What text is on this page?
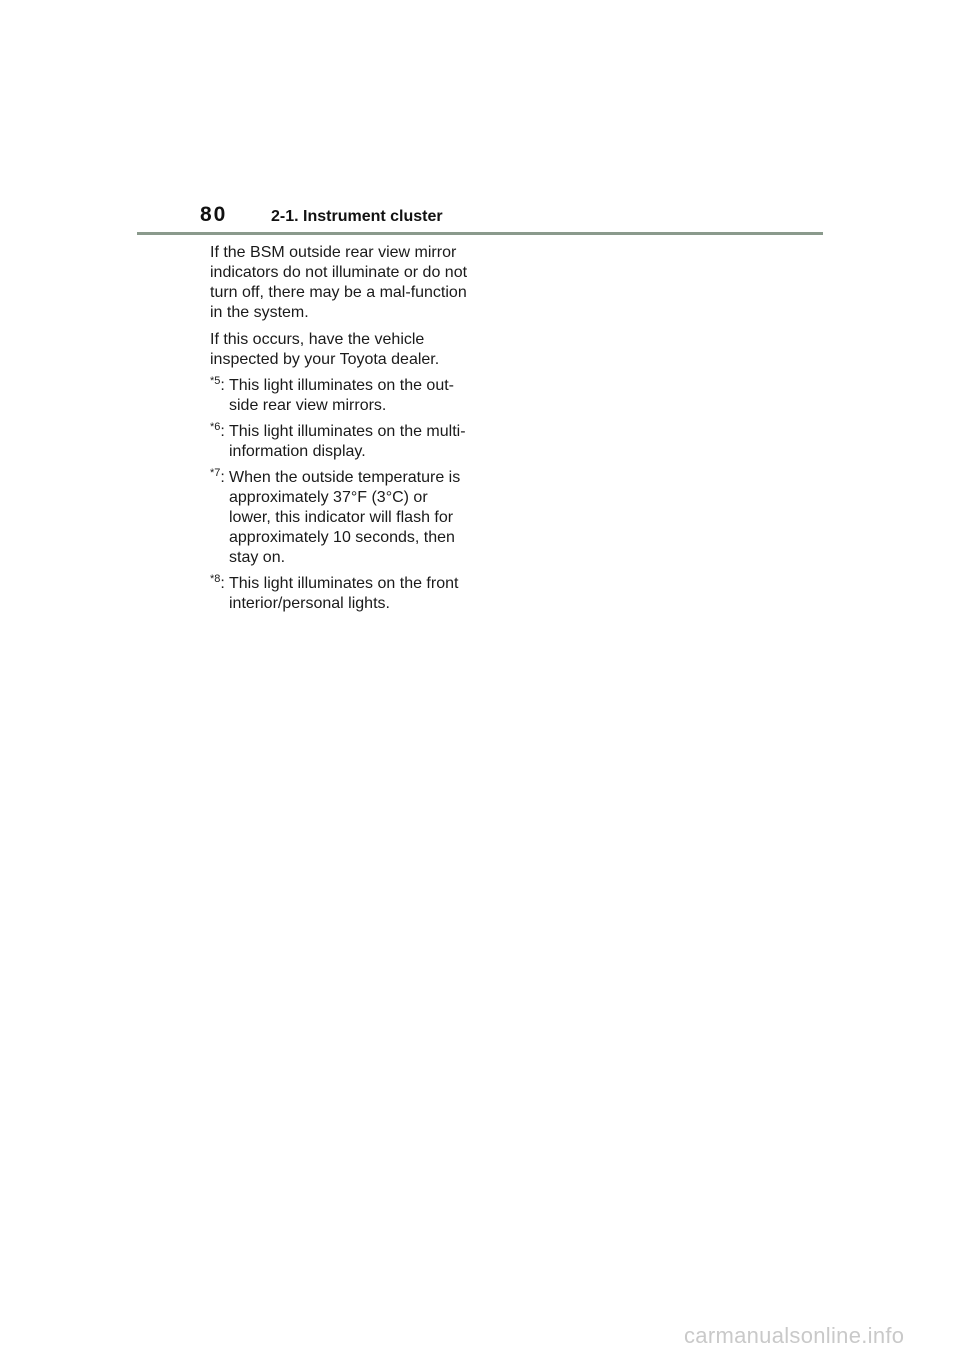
80	2-1. Instrument cluster

If the BSM outside rear view mirror indicators do not illuminate or do not turn off, there may be a mal-function in the system.

If this occurs, have the vehicle inspected by your Toyota dealer.

$^{*5}$: This light illuminates on the out-side rear view mirrors.
$^{*6}$: This light illuminates on the multi-information display.
$^{*7}$: When the outside temperature is approximately 37°F (3°C) or lower, this indicator will flash for approximately 10 seconds, then stay on.
$^{*8}$: This light illuminates on the front interior/personal lights.
carmanualsonline.info
